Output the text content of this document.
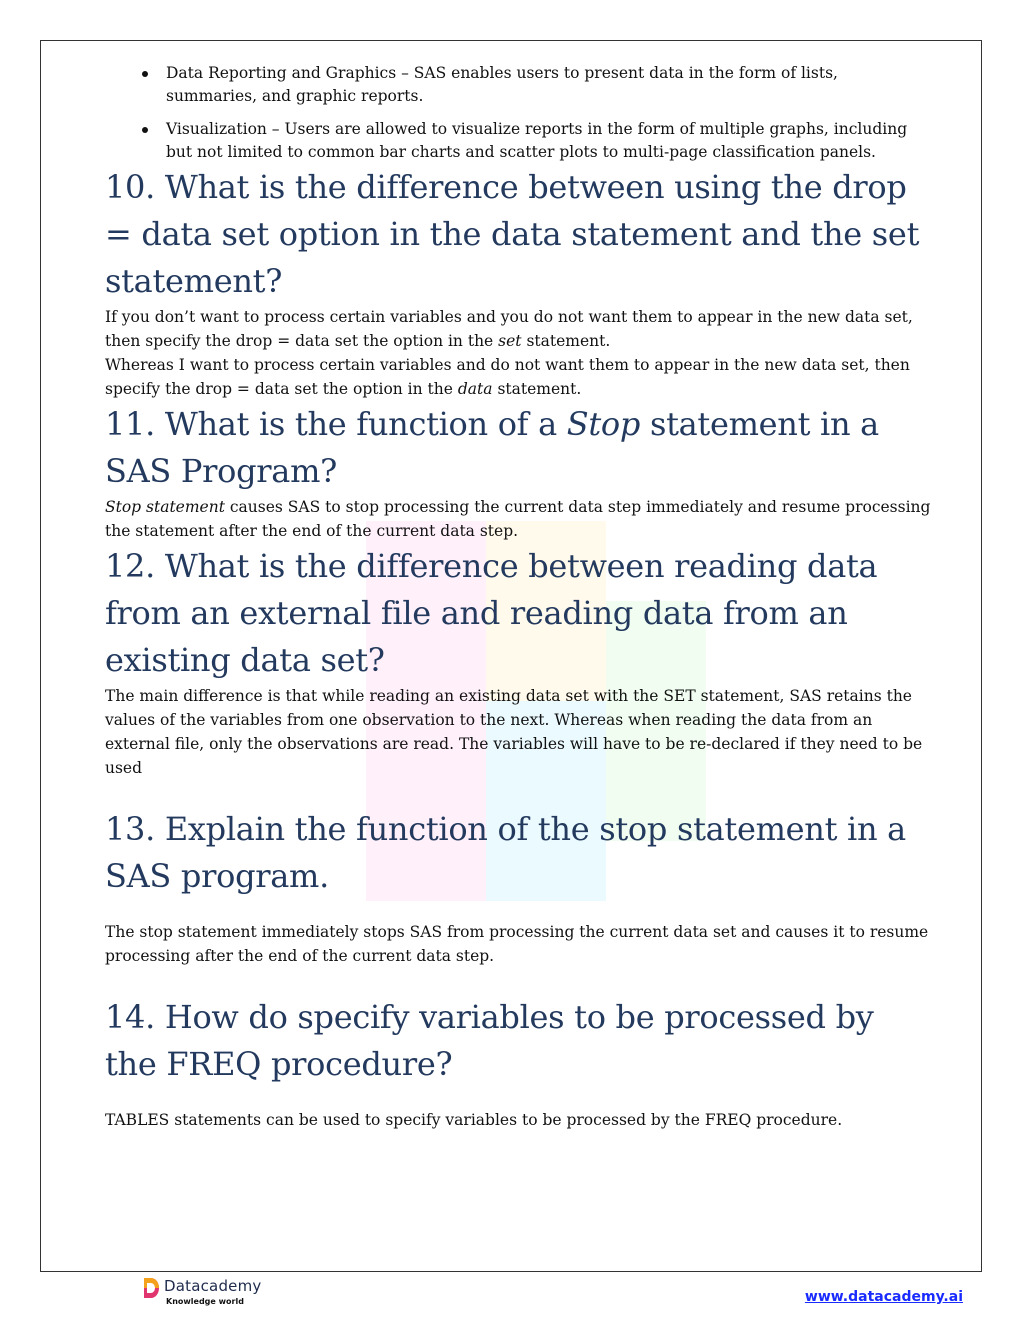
Data Reporting and Graphics – SAS enables users to present data in the form of lists, summaries, and graphic reports.
Visualization – Users are allowed to visualize reports in the form of multiple graphs, including but not limited to common bar charts and scatter plots to multi-page classification panels.
10. What is the difference between using the drop = data set option in the data statement and the set statement?

If you don’t want to process certain variables and you do not want them to appear in the new data set, then specify the drop = data set the option in the set statement.

Whereas I want to process certain variables and do not want them to appear in the new data set, then specify the drop = data set the option in the data statement.

11. What is the function of a Stop statement in a SAS Program?

Stop statement causes SAS to stop processing the current data step immediately and resume processing the statement after the end of the current data step.

12. What is the difference between reading data from an external file and reading data from an existing data set?

The main difference is that while reading an existing data set with the SET statement, SAS retains the values of the variables from one observation to the next. Whereas when reading the data from an external file, only the observations are read. The variables will have to be re-declared if they need to be used

13. Explain the function of the stop statement in a SAS program.

The stop statement immediately stops SAS from processing the current data set and causes it to resume processing after the end of the current data step.

14. How do specify variables to be processed by the FREQ procedure?

TABLES statements can be used to specify variables to be processed by the FREQ procedure.

Datacademy
Knowledge world	www.datacademy.ai
